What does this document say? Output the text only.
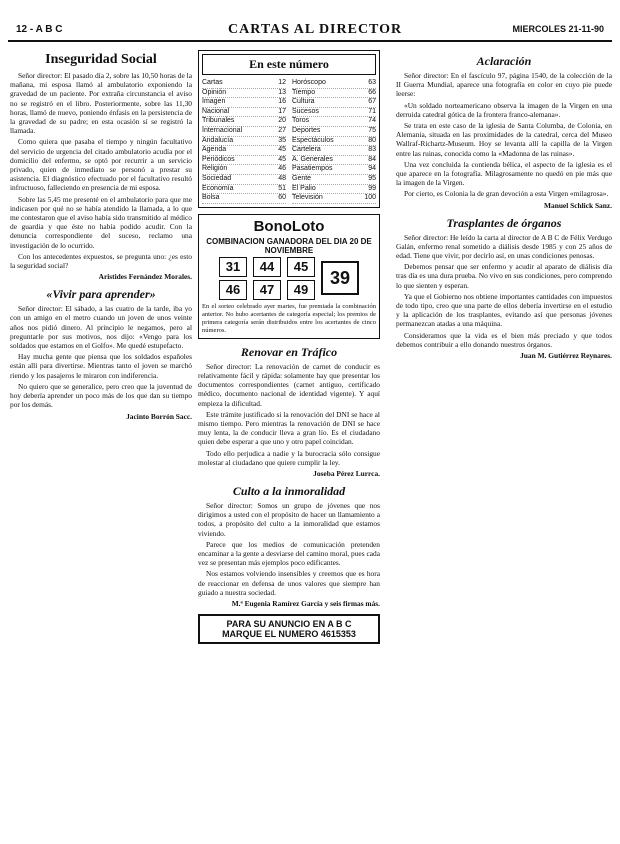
12 - A B C	CARTAS AL DIRECTOR	MIERCOLES 21-11-90
Inseguridad Social

Señor director: El pasado día 2, sobre las 10,50 horas de la mañana, mi esposa llamó al ambulatorio exponiendo la gravedad de un paciente. Por extraña circunstancia el aviso no se registró en el libro. Posteriormente, sobre las 11,30 horas, llamó de nuevo, poniendo énfasis en la persistencia de la gravedad de su padre; en esta ocasión sí se registró la llamada.

Como quiera que pasaba el tiempo y ningún facultativo del servicio de urgencia del citado ambulatorio acudía por el domicilio del enfermo, se optó por recurrir a un servicio privado, quien de inmediato se personó a prestar su asistencia. El diagnóstico efectuado por el facultativo resultó infructuoso, falleciendo en presencia de mi esposa.

Sobre las 5,45 me presenté en el ambulatorio para que me indicasen por qué no se había atendido la llamada, a lo que me contestaron que el aviso había sido transmitido al médico de guardia y que éste no había podido acudir. Con la denuncia correspondiente del suceso, reclamo una investigación de lo ocurrido.

Con los antecedentes expuestos, se pregunta uno: ¿es esto la seguridad social?

Aristides Fernández Morales.
«Vivir para aprender»

Señor director: El sábado, a las cuatro de la tarde, iba yo con un amigo en el metro cuando un joven de unos veinte años nos pidió dinero. Al principio le negamos, pero al preguntarle por sus motivos, nos dijo: «Vengo para los soldados que estamos en el Golfo». Me quedé estupefacto.

Hay mucha gente que piensa que los soldados españoles están allí para divertirse. Mientras tanto el joven se marchó riendo y los pasajeros le miraron con indiferencia.

No quiero que se generalice, pero creo que la juventud de hoy debería aprender un poco más de los que dan su tiempo por los demás.

Jacinto Borrón Sacc.
En este número
Cartas	12
Opinión	13
Imagen	16
Nacional	17
Tribunales	20
Internacional	27
Andalucía	35
Agenda	45
Periódicos	45
Religión	46
Sociedad	48
Economía	51
Bolsa	60
Horóscopo	63
Tiempo	66
Cultura	67
Sucesos	71
Toros	74
Deportes	75
Espectáculos	80
Cartelera	83
A. Generales	84
Pasatiempos	94
Gente	95
El Palio	99
Televisión	100
BonoLoto
COMBINACION GANADORA DEL DIA 20 DE NOVIEMBRE
31	44	45
46	47	49
39
En el sorteo celebrado ayer martes, fue premiada la combinación anterior. No hubo acertantes de categoría especial; los premios de primera categoría serán distribuidos entre los acertantes de cinco números.
Renovar en Tráfico

Señor director: La renovación de carnet de conducir es relativamente fácil y rápida: solamente hay que presentar los documentos correspondientes (carnet antiguo, certificado médico, documento nacional de identidad vigente). Y aquí empieza la dificultad.

Este trámite justificado si la renovación del DNI se hace al mismo tiempo. Pero mientras la renovación de DNI se hace muy lenta, la de conducir lleva a gran lío. Es el ciudadano quien debe esperar a que uno y otro papel coincidan.

Todo ello perjudica a nadie y la burocracia sólo consigue molestar al ciudadano que quiere cumplir la ley.

Joseba Pérez Lurrca.
Culto a la inmoralidad

Señor director: Somos un grupo de jóvenes que nos dirigimos a usted con el propósito de hacer un llamamiento a todos, a propósito del culto a la inmoralidad que estamos viviendo.

Parece que los medios de comunicación pretenden encaminar a la gente a desviarse del camino moral, pues cada vez se presentan más ejemplos poco edificantes.

Nos estamos volviendo insensibles y creemos que es hora de reaccionar en defensa de unos valores que siempre han guiado a nuestra sociedad.

M.ª Eugenia Ramírez García y seis firmas más.
PARA SU ANUNCIO EN A B C
MARQUE EL NUMERO 4615353
Aclaración

Señor director: En el fascículo 97, página 1540, de la colección de la II Guerra Mundial, aparece una fotografía en color en cuyo pie puede leerse:

«Un soldado norteamericano observa la imagen de la Virgen en una derruida catedral gótica de la frontera franco-alemana».

Se trata en este caso de la iglesia de Santa Columba, de Colonia, en Alemania, situada en las proximidades de la catedral, cerca del Museo Wallraf-Richartz-Museum. Hoy se levanta allí la capilla de la Virgen entre las ruinas, conocida como la «Madonna de las ruinas».

Una vez concluida la contienda bélica, el aspecto de la iglesia es el que aparece en la fotografía. Milagrosamente no quedó en pie más que la imagen de la Virgen.

Por cierto, es Colonia la de gran devoción a esta Virgen «milagrosa».

Manuel Schlick Sanz.
Trasplantes de órganos

Señor director: He leído la carta al director de A B C de Félix Verdugo Galán, enfermo renal sometido a diálisis desde 1985 y con 25 años de edad. Tiene que vivir, por decirlo así, en unas condiciones penosas.

Debemos pensar que ser enfermo y acudir al aparato de diálisis día tras día es una dura prueba. No vivo en sus condiciones, pero comprendo lo que sienten y esperan.

Ya que el Gobierno nos obtiene importantes cantidades con impuestos de todo tipo, creo que una parte de ellos debería invertirse en el estudio y la aplicación de los trasplantes, evitando así que personas jóvenes permanezcan atadas a una máquina.

Consideramos que la vida es el bien más preciado y que todos debemos contribuir a ello donando nuestros órganos.

Juan M. Gutiérrez Reynares.
